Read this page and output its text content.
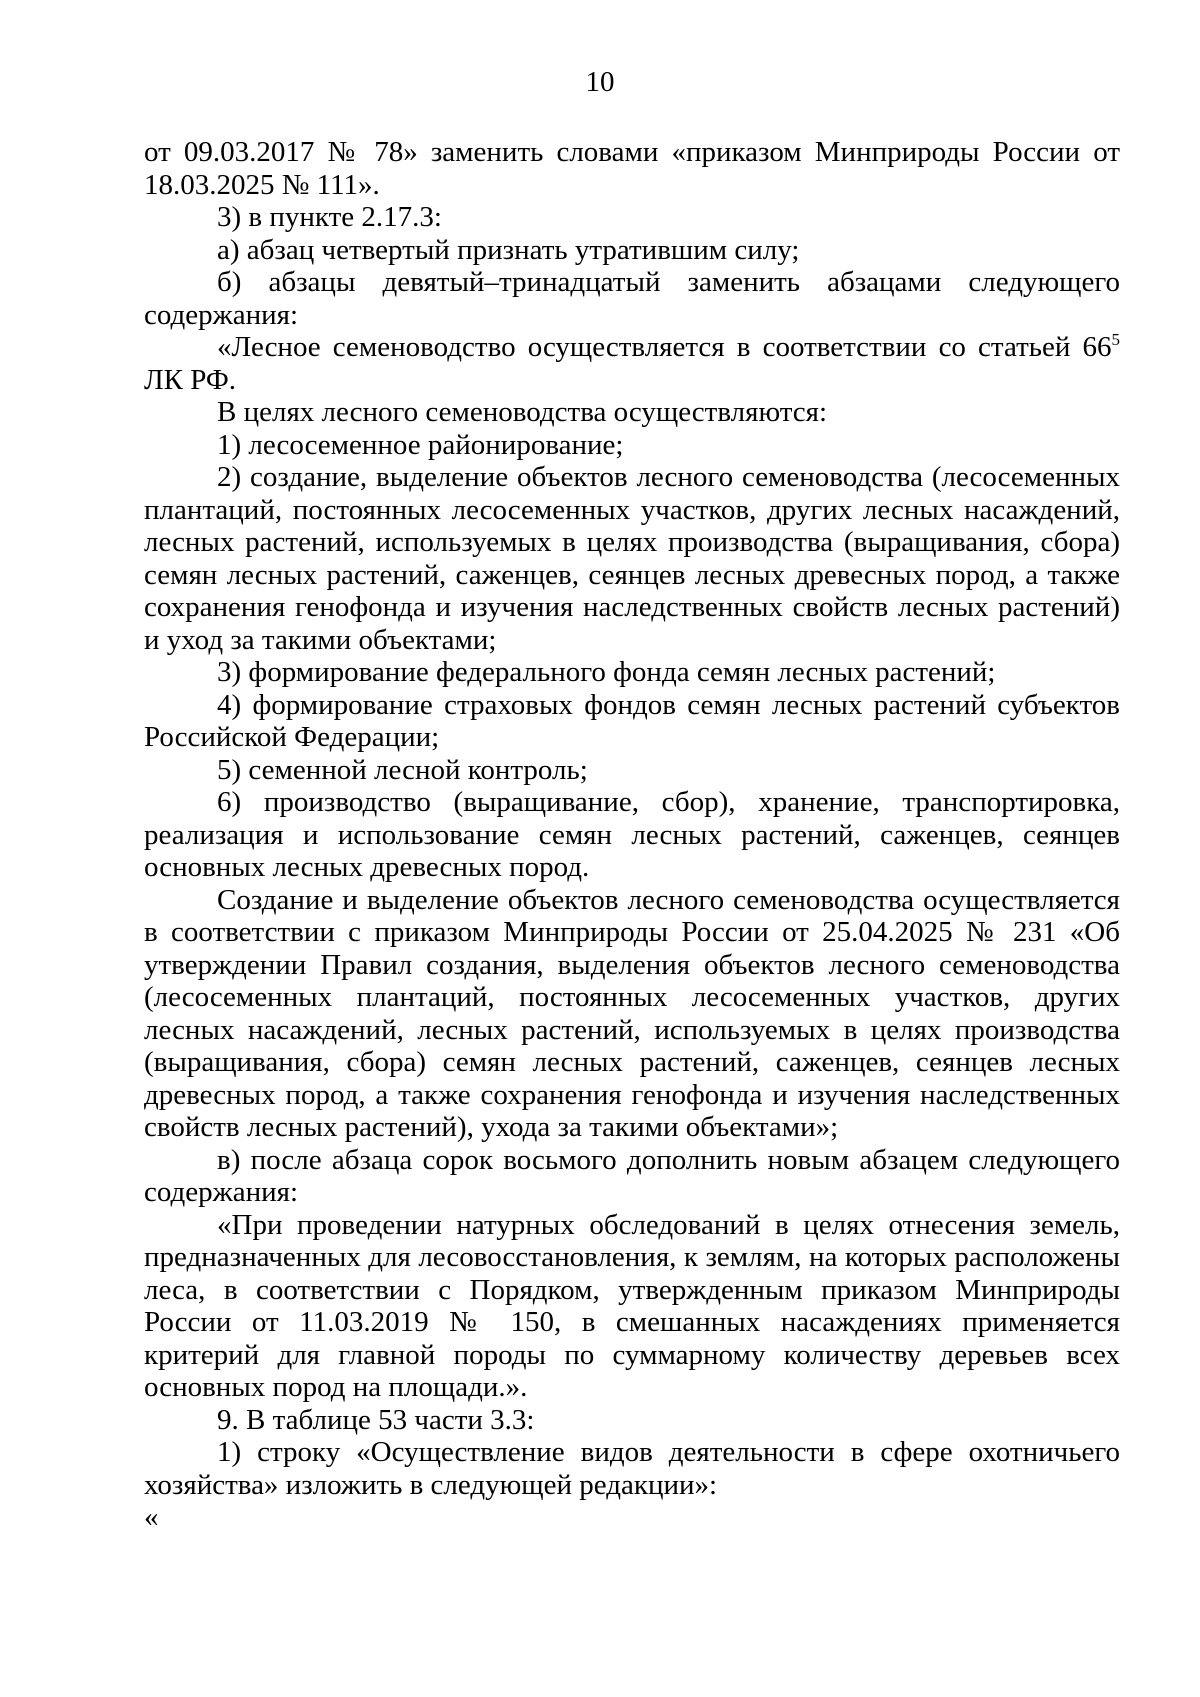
10

от 09.03.2017 № 78» заменить словами «приказом Минприроды России от 18.03.2025 № 111».

3) в пункте 2.17.3:

а) абзац четвертый признать утратившим силу;

б) абзацы девятый–тринадцатый заменить абзацами следующего содержания:

«Лесное семеноводство осуществляется в соответствии со статьей $66^5$ ЛК РФ.

В целях лесного семеноводства осуществляются:

1) лесосеменное районирование;

2) создание, выделение объектов лесного семеноводства (лесосеменных плантаций, постоянных лесосеменных участков, других лесных насаждений, лесных растений, используемых в целях производства (выращивания, сбора) семян лесных растений, саженцев, сеянцев лесных древесных пород, а также сохранения генофонда и изучения наследственных свойств лесных растений) и уход за такими объектами;

3) формирование федерального фонда семян лесных растений;

4) формирование страховых фондов семян лесных растений субъектов Российской Федерации;

5) семенной лесной контроль;

6) производство (выращивание, сбор), хранение, транспортировка, реализация и использование семян лесных растений, саженцев, сеянцев основных лесных древесных пород.

Создание и выделение объектов лесного семеноводства осуществляется в соответствии с приказом Минприроды России от 25.04.2025 № 231 «Об утверждении Правил создания, выделения объектов лесного семеноводства (лесосеменных плантаций, постоянных лесосеменных участков, других лесных насаждений, лесных растений, используемых в целях производства (выращивания, сбора) семян лесных растений, саженцев, сеянцев лесных древесных пород, а также сохранения генофонда и изучения наследственных свойств лесных растений), ухода за такими объектами»;

в) после абзаца сорок восьмого дополнить новым абзацем следующего содержания:

«При проведении натурных обследований в целях отнесения земель, предназначенных для лесовосстановления, к землям, на которых расположены леса, в соответствии с Порядком, утвержденным приказом Минприроды России от 11.03.2019 № 150, в смешанных насаждениях применяется критерий для главной породы по суммарному количеству деревьев всех основных пород на площади.».

9. В таблице 53 части 3.3:

1) строку «Осуществление видов деятельности в сфере охотничьего хозяйства» изложить в следующей редакции»:

«
